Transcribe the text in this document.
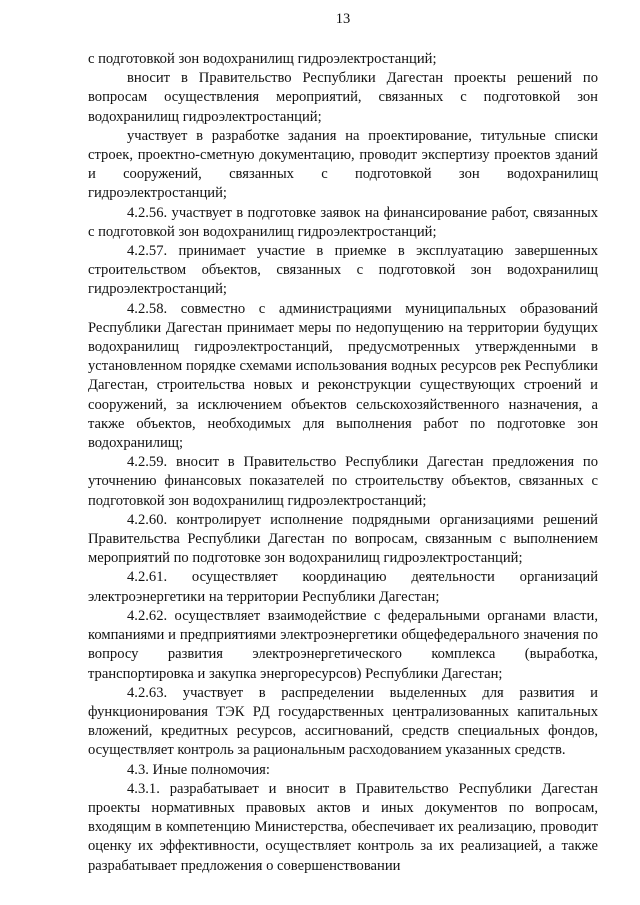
13

с подготовкой зон водохранилищ гидроэлектростанций;

вносит в Правительство Республики Дагестан проекты решений по вопросам осуществления мероприятий, связанных с подготовкой зон водохранилищ гидроэлектростанций;

участвует в разработке задания на проектирование, титульные списки строек, проектно-сметную документацию, проводит экспертизу проектов зданий и сооружений, связанных с подготовкой зон водохранилищ гидроэлектростанций;

4.2.56. участвует в подготовке заявок на финансирование работ, связанных с подготовкой зон водохранилищ гидроэлектростанций;

4.2.57. принимает участие в приемке в эксплуатацию завершенных строительством объектов, связанных с подготовкой зон водохранилищ гидроэлектростанций;

4.2.58. совместно с администрациями муниципальных образований Республики Дагестан принимает меры по недопущению на территории будущих водохранилищ гидроэлектростанций, предусмотренных утвержденными в установленном порядке схемами использования водных ресурсов рек Республики Дагестан, строительства новых и реконструкции существующих строений и сооружений, за исключением объектов сельскохозяйственного назначения, а также объектов, необходимых для выполнения работ по подготовке зон водохранилищ;

4.2.59. вносит в Правительство Республики Дагестан предложения по уточнению финансовых показателей по строительству объектов, связанных с подготовкой зон водохранилищ гидроэлектростанций;

4.2.60. контролирует исполнение подрядными организациями решений Правительства Республики Дагестан по вопросам, связанным с выполнением мероприятий по подготовке зон водохранилищ гидроэлектростанций;

4.2.61. осуществляет координацию деятельности организаций электроэнергетики на территории Республики Дагестан;

4.2.62. осуществляет взаимодействие с федеральными органами власти, компаниями и предприятиями электроэнергетики общефедерального значения по вопросу развития электроэнергетического комплекса (выработка, транспортировка и закупка энергоресурсов) Республики Дагестан;

4.2.63. участвует в распределении выделенных для развития и функционирования ТЭК РД государственных централизованных капитальных вложений, кредитных ресурсов, ассигнований, средств специальных фондов, осуществляет контроль за рациональным расходованием указанных средств.

4.3. Иные полномочия:

4.3.1. разрабатывает и вносит в Правительство Республики Дагестан проекты нормативных правовых актов и иных документов по вопросам, входящим в компетенцию Министерства, обеспечивает их реализацию, проводит оценку их эффективности, осуществляет контроль за их реализацией, а также разрабатывает предложения о совершенствовании
